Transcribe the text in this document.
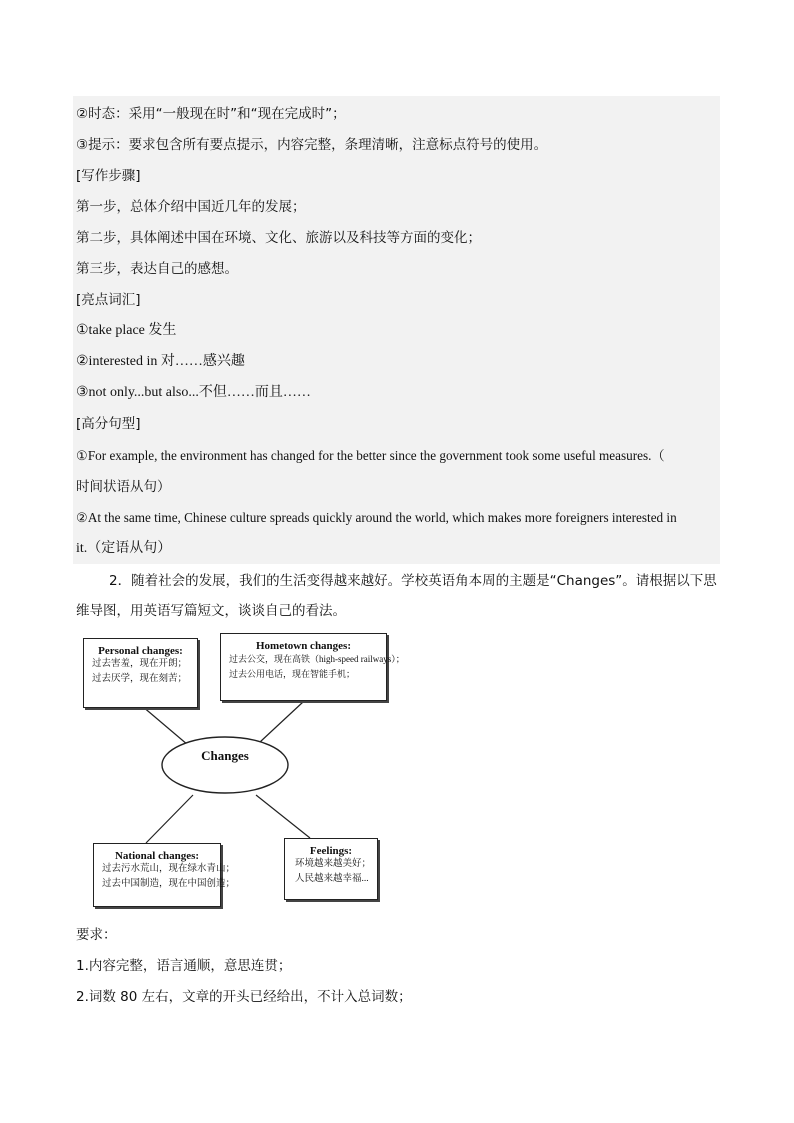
②时态：采用“一般现在时”和“现在完成时”；
③提示：要求包含所有要点提示，内容完整，条理清晰，注意标点符号的使用。
[写作步骤]
第一步，总体介绍中国近几年的发展；
第二步，具体阐述中国在环境、文化、旅游以及科技等方面的变化；
第三步，表达自己的感想。
[亮点词汇]
①take place 发生
②interested in 对……感兴趣
③not only...but also...不但……而且……
[高分句型]
①For example, the environment has changed for the better since the government took some useful measures.（
时间状语从句）
②At the same time, Chinese culture spreads quickly around the world, which makes more foreigners interested in
it.（定语从句）
2．随着社会的发展，我们的生活变得越来越好。学校英语角本周的主题是“Changes”。请根据以下思维导图，用英语写篇短文，谈谈自己的看法。
Changes
Personal changes:
过去害羞，现在开朗；
过去厌学，现在刻苦；
Hometown changes:
过去公交，现在高铁（high-speed railways）；
过去公用电话，现在智能手机；
National changes:
过去污水荒山，现在绿水青山；
过去中国制造，现在中国创造；
Feelings:
环境越来越美好；
人民越来越幸福...
要求：
1.内容完整，语言通顺，意思连贯；
2.词数 80 左右，文章的开头已经给出，不计入总词数；
